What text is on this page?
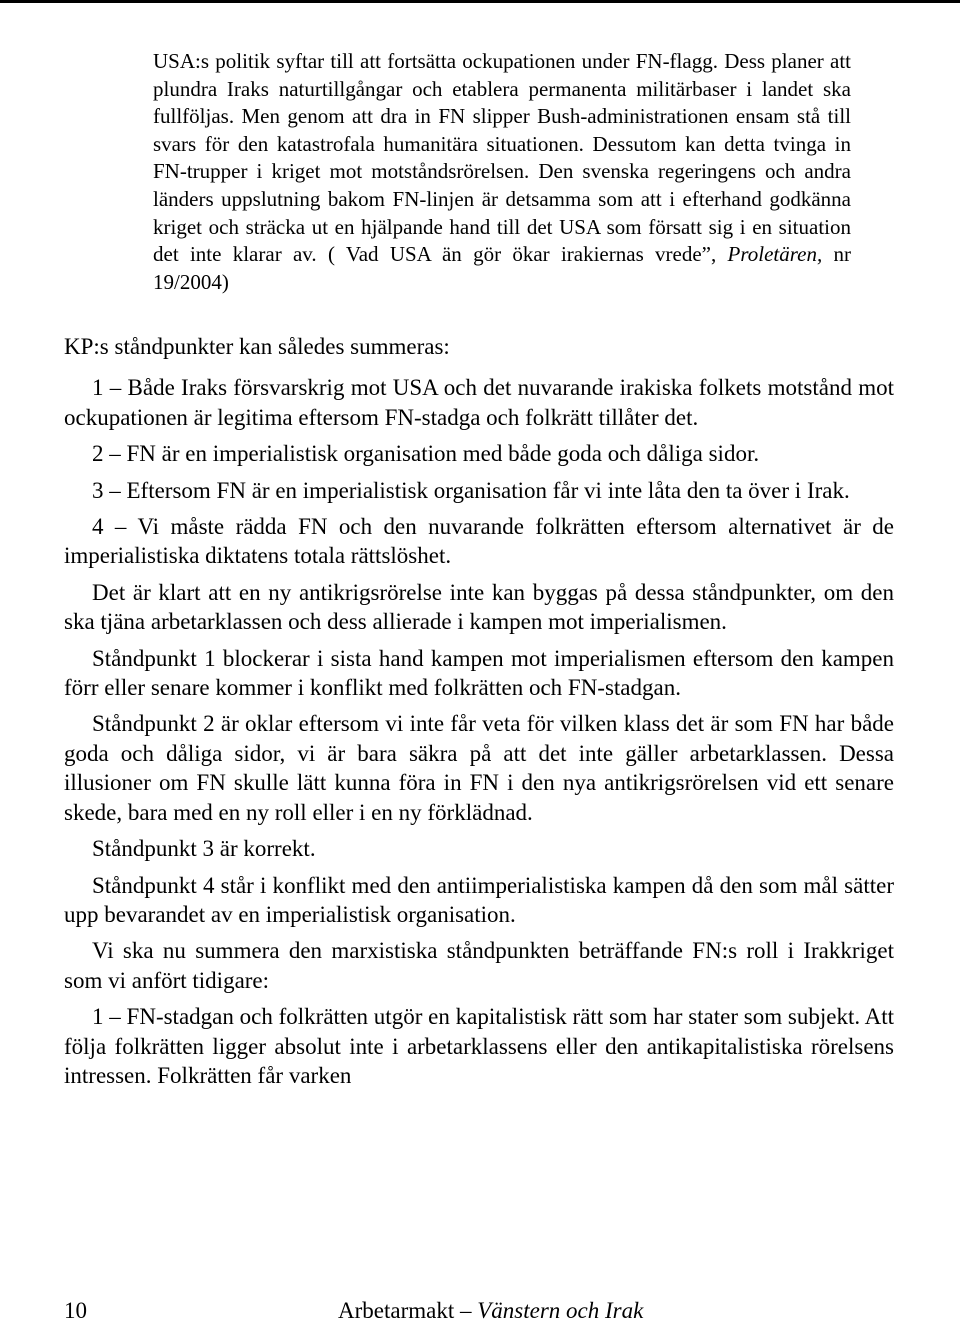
USA:s politik syftar till att fortsätta ockupationen under FN-flagg. Dess planer att plundra Iraks naturtillgångar och etablera permanenta militärbaser i landet ska fullföljas. Men genom att dra in FN slipper Bush-administrationen ensam stå till svars för den katastrofala humanitära situationen. Dessutom kan detta tvinga in FN-trupper i kriget mot motståndsrörelsen. Den svenska regeringens och andra länders uppslutning bakom FN-linjen är detsamma som att i efterhand godkänna kriget och sträcka ut en hjälpande hand till det USA som försatt sig i en situation det inte klarar av. ( Vad USA än gör ökar irakiernas vrede”, Proletären, nr 19/2004)

KP:s ståndpunkter kan således summeras:

1 – Både Iraks försvarskrig mot USA och det nuvarande irakiska folkets motstånd mot ockupationen är legitima eftersom FN-stadga och folkrätt tillåter det.

2 – FN är en imperialistisk organisation med både goda och dåliga sidor.

3 – Eftersom FN är en imperialistisk organisation får vi inte låta den ta över i Irak.

4 – Vi måste rädda FN och den nuvarande folkrätten eftersom alternativet är de imperialistiska diktatens totala rättslöshet.

Det är klart att en ny antikrigsrörelse inte kan byggas på dessa ståndpunkter, om den ska tjäna arbetarklassen och dess allierade i kampen mot imperialismen.

Ståndpunkt 1 blockerar i sista hand kampen mot imperialismen eftersom den kampen förr eller senare kommer i konflikt med folkrätten och FN-stadgan.

Ståndpunkt 2 är oklar eftersom vi inte får veta för vilken klass det är som FN har både goda och dåliga sidor, vi är bara säkra på att det inte gäller arbetarklassen. Dessa illusioner om FN skulle lätt kunna föra in FN i den nya antikrigsrörelsen vid ett senare skede, bara med en ny roll eller i en ny förklädnad.

Ståndpunkt 3 är korrekt.

Ståndpunkt 4 står i konflikt med den antiimperialistiska kampen då den som mål sätter upp bevarandet av en imperialistisk organisation.

Vi ska nu summera den marxistiska ståndpunkten beträffande FN:s roll i Irakkriget som vi anfört tidigare:

1 – FN-stadgan och folkrätten utgör en kapitalistisk rätt som har stater som subjekt. Att följa folkrätten ligger absolut inte i arbetarklassens eller den antikapitalistiska rörelsens intressen. Folkrätten får varken

10	Arbetarmakt – Vänstern och Irak
